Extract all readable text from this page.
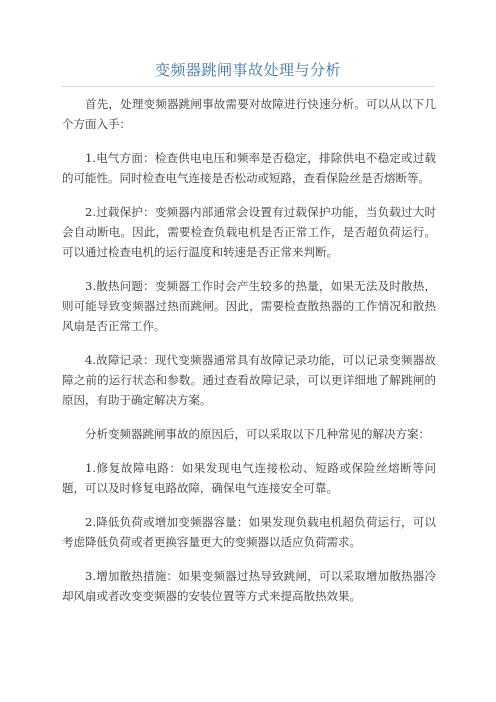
变频器跳闸事故处理与分析

首先，处理变频器跳闸事故需要对故障进行快速分析。可以从以下几个方面入手：

1.电气方面：检查供电电压和频率是否稳定，排除供电不稳定或过载的可能性。同时检查电气连接是否松动或短路，查看保险丝是否熔断等。

2.过载保护：变频器内部通常会设置有过载保护功能，当负载过大时会自动断电。因此，需要检查负载电机是否正常工作，是否超负荷运行。可以通过检查电机的运行温度和转速是否正常来判断。

3.散热问题：变频器工作时会产生较多的热量，如果无法及时散热，则可能导致变频器过热而跳闸。因此，需要检查散热器的工作情况和散热风扇是否正常工作。

4.故障记录：现代变频器通常具有故障记录功能，可以记录变频器故障之前的运行状态和参数。通过查看故障记录，可以更详细地了解跳闸的原因，有助于确定解决方案。

分析变频器跳闸事故的原因后，可以采取以下几种常见的解决方案：

1.修复故障电路：如果发现电气连接松动、短路或保险丝熔断等问题，可以及时修复电路故障，确保电气连接安全可靠。

2.降低负荷或增加变频器容量：如果发现负载电机超负荷运行，可以考虑降低负荷或者更换容量更大的变频器以适应负荷需求。

3.增加散热措施：如果变频器过热导致跳闸，可以采取增加散热器冷却风扇或者改变变频器的安装位置等方式来提高散热效果。
